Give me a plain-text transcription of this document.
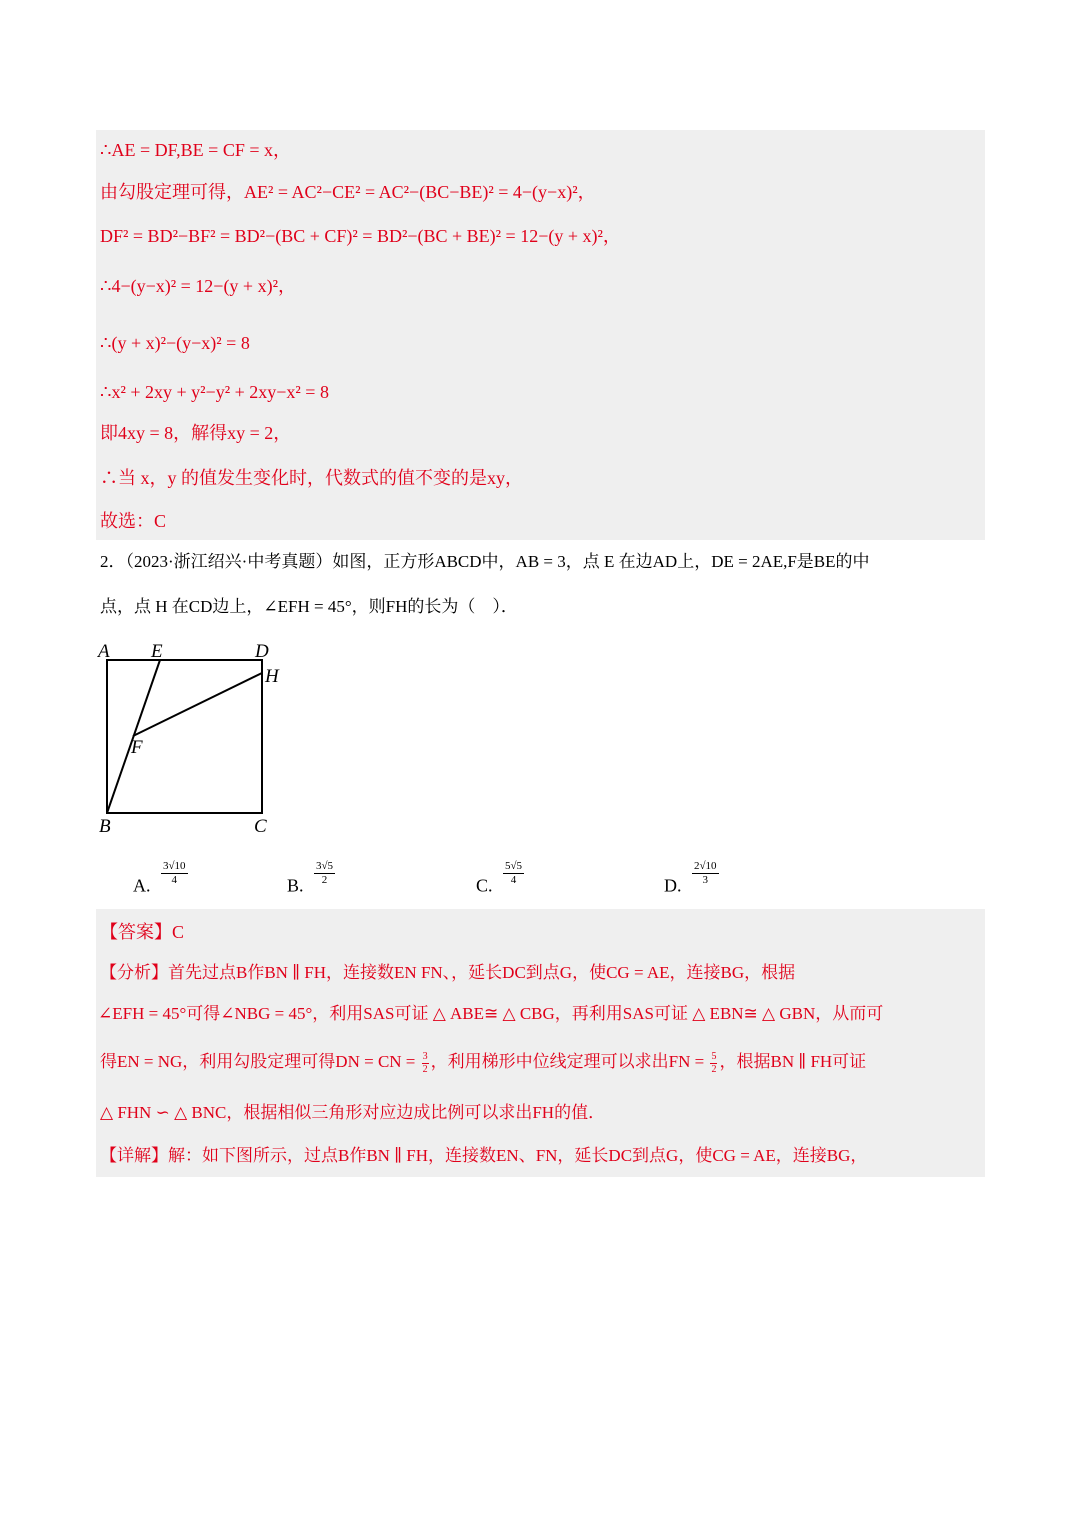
∴AE = DF,BE = CF = x，
由勾股定理可得，AE² = AC²−CE² = AC²−(BC−BE)² = 4−(y−x)²，
DF² = BD²−BF² = BD²−(BC + CF)² = BD²−(BC + BE)² = 12−(y + x)²，
∴4−(y−x)² = 12−(y + x)²，
∴(y + x)²−(y−x)² = 8
∴x² + 2xy + y²−y² + 2xy−x² = 8
即4xy = 8，解得xy = 2，
∴当 x，y 的值发生变化时，代数式的值不变的是xy，
故选：C
2．（2023·浙江绍兴·中考真题）如图，正方形ABCD中，AB = 3，点 E 在边AD上，DE = 2AE,F是BE的中
点，点 H 在CD边上，∠EFH = 45°，则FH的长为（　）．
A E	D
H
F
B	C
A. $\frac{3√10}{4}$	B. $\frac{3√5}{2}$	C. $\frac{5√5}{4}$	D. $\frac{2√10}{3}$
【答案】C
【分析】首先过点B作BN ∥ FH，连接数EN FN、，延长DC到点G，使CG = AE，连接BG，根据
∠EFH = 45°可得∠NBG = 45°，利用SAS可证 △ ABE≅ △ CBG，再利用SAS可证 △ EBN≅ △ GBN，从而可
得EN = NG，利用勾股定理可得DN = CN = $\frac{3}{2}$ ，利用梯形中位线定理可以求出FN = $\frac{5}{2}$ ，根据BN ∥ FH可证
△ FHN ∽ △ BNC，根据相似三角形对应边成比例可以求出FH的值．
【详解】解：如下图所示，过点B作BN ∥ FH，连接数EN、FN，延长DC到点G，使CG = AE，连接BG，
